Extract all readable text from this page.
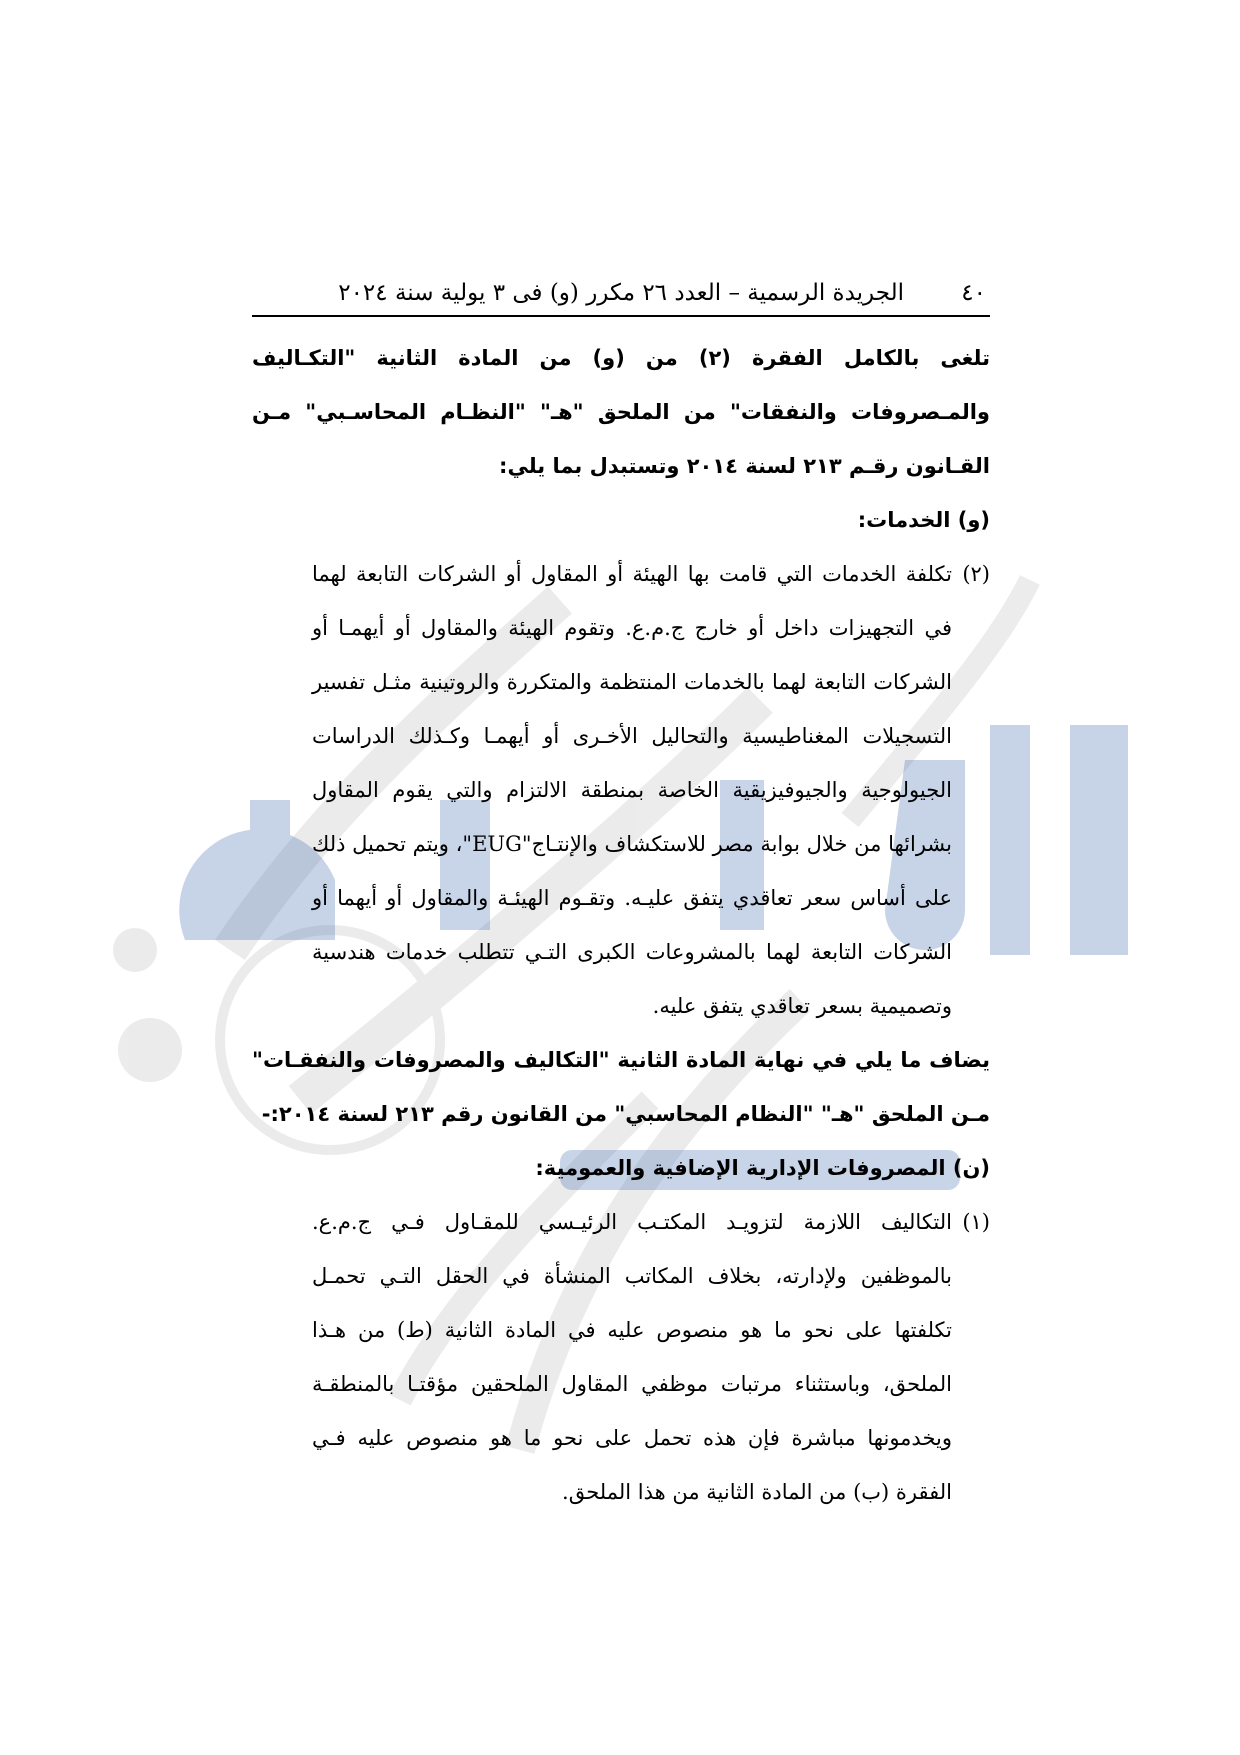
٤٠
الجريدة الرسمية – العدد ٢٦ مكرر (و) فى ٣ يولية سنة ٢٠٢٤

تلغى بالكامل الفقرة (٢) من (و) من المادة الثانية "التكـاليف والمـصروفات والنفقات" من الملحق "هـ" "النظـام المحاسـبي" مـن القـانون رقـم ٢١٣ لسنة ٢٠١٤ وتستبدل بما يلي:

(و) الخدمات:

(٢)
تكلفة الخدمات التي قامت بها الهيئة أو المقاول أو الشركات التابعة لهما في التجهيزات داخل أو خارج ج.م.ع. وتقوم الهيئة والمقاول أو أيهمـا أو الشركات التابعة لهما بالخدمات المنتظمة والمتكررة والروتينية مثـل تفسير التسجيلات المغناطيسية والتحاليل الأخـرى أو أيهمـا وكـذلك الدراسات الجيولوجية والجيوفيزيقية الخاصة بمنطقة الالتزام والتي يقوم المقاول بشرائها من خلال بوابة مصر للاستكشاف والإنتـاج"EUG"، ويتم تحميل ذلك على أساس سعر تعاقدي يتفق عليـه. وتقـوم الهيئـة والمقاول أو أيهما أو الشركات التابعة لهما بالمشروعات الكبرى التـي تتطلب خدمات هندسية وتصميمية بسعر تعاقدي يتفق عليه.

يضاف ما يلي في نهاية المادة الثانية "التكاليف والمصروفات والنفقـات" مـن الملحق "هـ" "النظام المحاسبي" من القانون رقم ٢١٣ لسنة ٢٠١٤:-

(ن) المصروفات الإدارية الإضافية والعمومية:

(١)
التكاليف اللازمة لتزويـد المكتـب الرئيـسي للمقـاول فـي ج.م.ع. بالموظفين ولإدارته، بخلاف المكاتب المنشأة في الحقل التـي تحمـل تكلفتها على نحو ما هو منصوص عليه في المادة الثانية (ط) من هـذا الملحق، وباستثناء مرتبات موظفي المقاول الملحقين مؤقتـا بالمنطقـة ويخدمونها مباشرة فإن هذه تحمل على نحو ما هو منصوص عليه فـي الفقرة (ب) من المادة الثانية من هذا الملحق.
